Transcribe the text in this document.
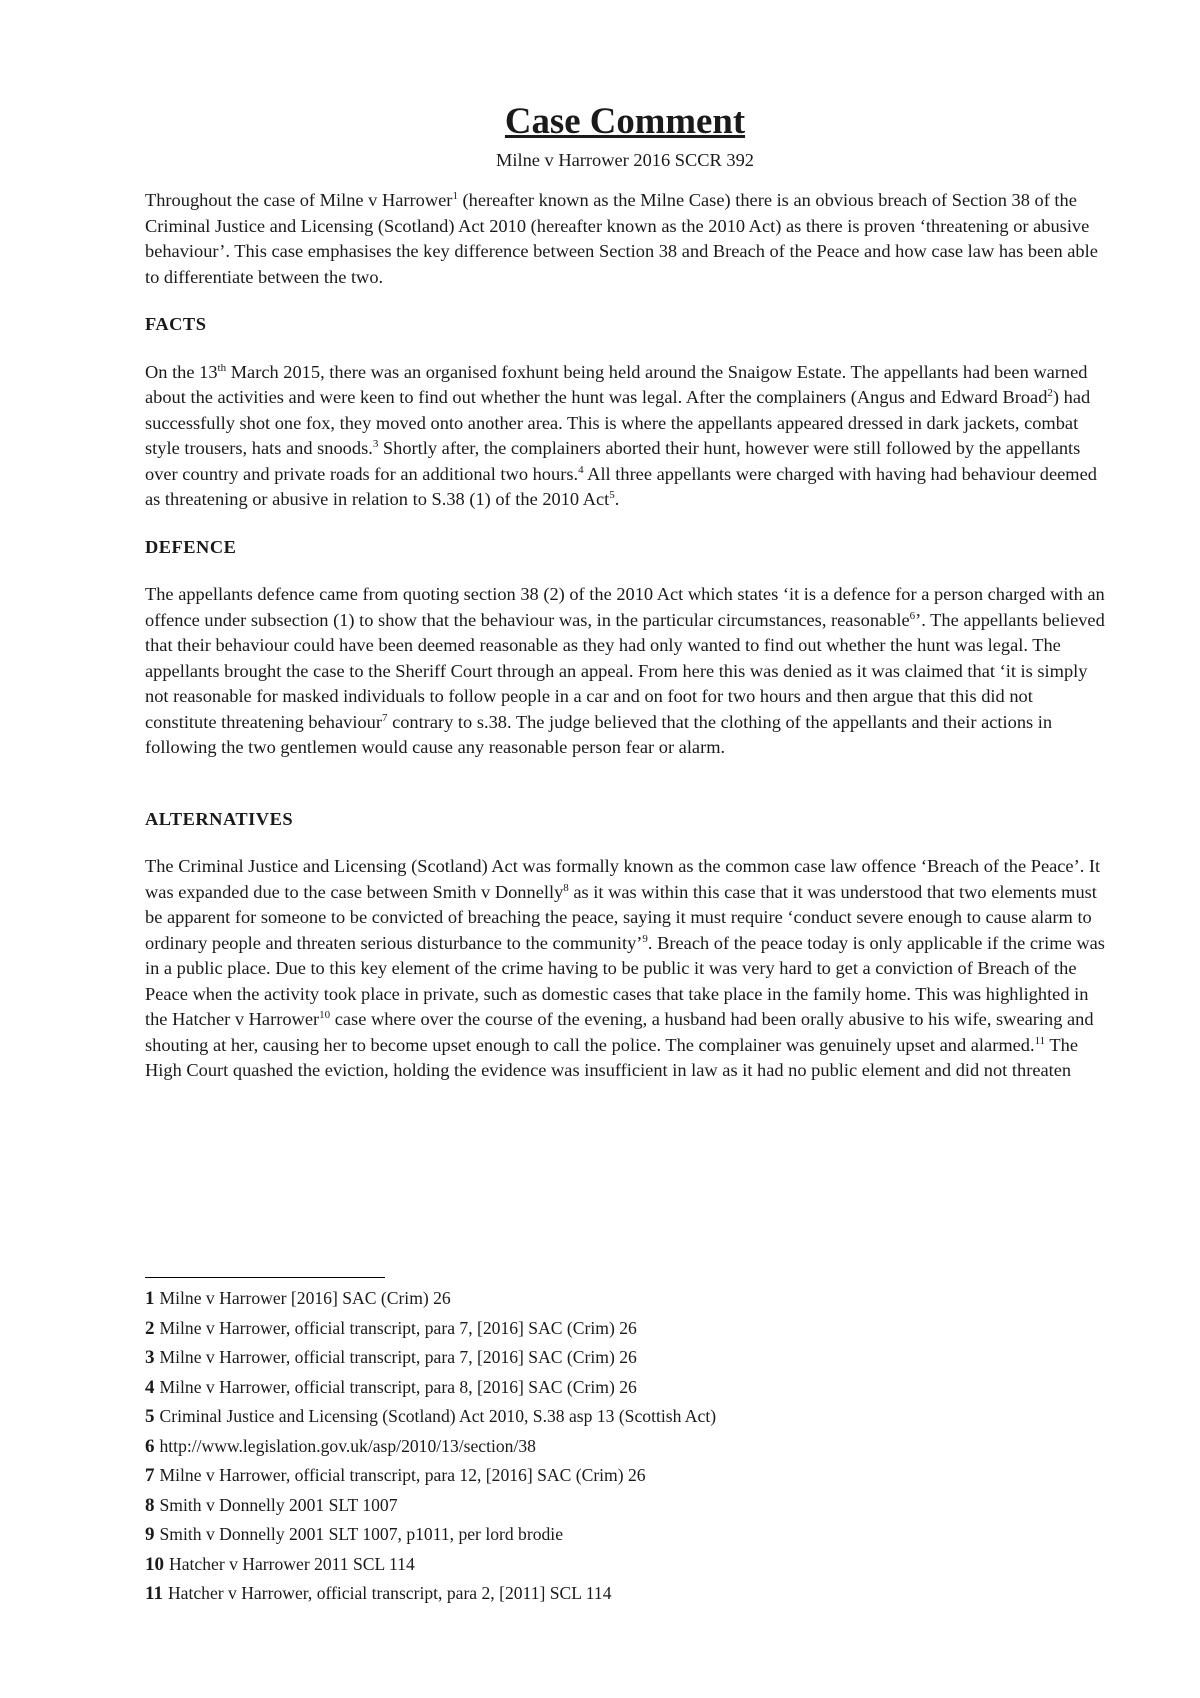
Case Comment
Milne v Harrower 2016 SCCR 392

Throughout the case of Milne v Harrower$^1$ (hereafter known as the Milne Case) there is an obvious breach of Section 38 of the Criminal Justice and Licensing (Scotland) Act 2010 (hereafter known as the 2010 Act) as there is proven ‘threatening or abusive behaviour’. This case emphasises the key difference between Section 38 and Breach of the Peace and how case law has been able to differentiate between the two.

FACTS

On the 13th March 2015, there was an organised foxhunt being held around the Snaigow Estate. The appellants had been warned about the activities and were keen to find out whether the hunt was legal. After the complainers (Angus and Edward Broad$^2$) had successfully shot one fox, they moved onto another area. This is where the appellants appeared dressed in dark jackets, combat style trousers, hats and snoods.$^3$ Shortly after, the complainers aborted their hunt, however were still followed by the appellants over country and private roads for an additional two hours.$^4$ All three appellants were charged with having had behaviour deemed as threatening or abusive in relation to S.38 (1) of the 2010 Act$^5$.

DEFENCE

The appellants defence came from quoting section 38 (2) of the 2010 Act which states ‘it is a defence for a person charged with an offence under subsection (1) to show that the behaviour was, in the particular circumstances, reasonable$^6$’. The appellants believed that their behaviour could have been deemed reasonable as they had only wanted to find out whether the hunt was legal. The appellants brought the case to the Sheriff Court through an appeal. From here this was denied as it was claimed that ‘it is simply not reasonable for masked individuals to follow people in a car and on foot for two hours and then argue that this did not constitute threatening behaviour$^7$ contrary to s.38. The judge believed that the clothing of the appellants and their actions in following the two gentlemen would cause any reasonable person fear or alarm.

ALTERNATIVES

The Criminal Justice and Licensing (Scotland) Act was formally known as the common case law offence ‘Breach of the Peace’. It was expanded due to the case between Smith v Donnelly$^8$ as it was within this case that it was understood that two elements must be apparent for someone to be convicted of breaching the peace, saying it must require ‘conduct severe enough to cause alarm to ordinary people and threaten serious disturbance to the community’$^9$. Breach of the peace today is only applicable if the crime was in a public place. Due to this key element of the crime having to be public it was very hard to get a conviction of Breach of the Peace when the activity took place in private, such as domestic cases that take place in the family home. This was highlighted in the Hatcher v Harrower$^{10}$ case where over the course of the evening, a husband had been orally abusive to his wife, swearing and shouting at her, causing her to become upset enough to call the police. The complainer was genuinely upset and alarmed.$^{11}$ The High Court quashed the eviction, holding the evidence was insufficient in law as it had no public element and did not threaten

1 Milne v Harrower [2016] SAC (Crim) 26
2 Milne v Harrower, official transcript, para 7, [2016] SAC (Crim) 26
3 Milne v Harrower, official transcript, para 7, [2016] SAC (Crim) 26
4 Milne v Harrower, official transcript, para 8, [2016] SAC (Crim) 26
5 Criminal Justice and Licensing (Scotland) Act 2010, S.38 asp 13 (Scottish Act)
6 http://www.legislation.gov.uk/asp/2010/13/section/38
7 Milne v Harrower, official transcript, para 12, [2016] SAC (Crim) 26
8 Smith v Donnelly 2001 SLT 1007
9 Smith v Donnelly 2001 SLT 1007, p1011, per lord brodie
10 Hatcher v Harrower 2011 SCL 114
11 Hatcher v Harrower, official transcript, para 2, [2011] SCL 114
